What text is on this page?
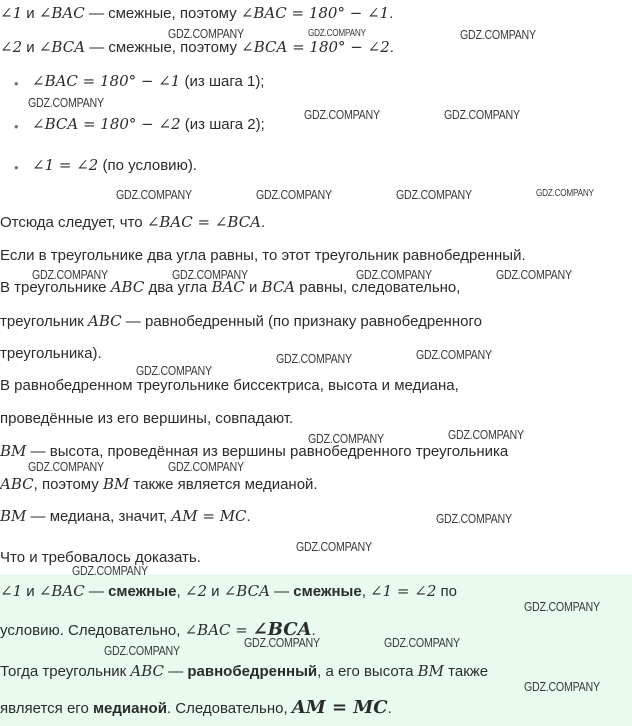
∠1 и ∠BAC — смежные, поэтому ∠BAC = 180° − ∠1.
∠2 и ∠BCA — смежные, поэтому ∠BCA = 180° − ∠2.
• ∠BAC = 180° − ∠1 (из шага 1);
• ∠BCA = 180° − ∠2 (из шага 2);
• ∠1 = ∠2 (по условию).
Отсюда следует, что ∠BAC = ∠BCA.
Если в треугольнике два угла равны, то этот треугольник равнобедренный.
В треугольнике ABC два угла BAC и BCA равны, следовательно,
треугольник ABC — равнобедренный (по признаку равнобедренного
треугольника).
В равнобедренном треугольнике биссектриса, высота и медиана,
проведённые из его вершины, совпадают.
BM — высота, проведённая из вершины равнобедренного треугольника
ABC, поэтому BM также является медианой.
BM — медиана, значит, AM = MC.
Что и требовалось доказать.
∠1 и ∠BAC — смежные, ∠2 и ∠BCA — смежные, ∠1 = ∠2 по
условию. Следовательно, ∠BAC = ∠BCA.
Тогда треугольник ABC — равнобедренный, а его высота BM также
является его медианой. Следовательно, AM = MC.
GDZ.COMPANY	GDZ.COMPANY	GDZ.COMPANY
GDZ.COMPANY
GDZ.COMPANY	GDZ.COMPANY
GDZ.COMPANY	GDZ.COMPANY	GDZ.COMPANY	GDZ.COMPANY
GDZ.COMPANY	GDZ.COMPANY	GDZ.COMPANY	GDZ.COMPANY
GDZ.COMPANY	GDZ.COMPANY
GDZ.COMPANY
GDZ.COMPANY	GDZ.COMPANY
GDZ.COMPANY	GDZ.COMPANY
GDZ.COMPANY
GDZ.COMPANY
GDZ.COMPANY
GDZ.COMPANY
GDZ.COMPANY	GDZ.COMPANY
GDZ.COMPANY
GDZ.COMPANY
